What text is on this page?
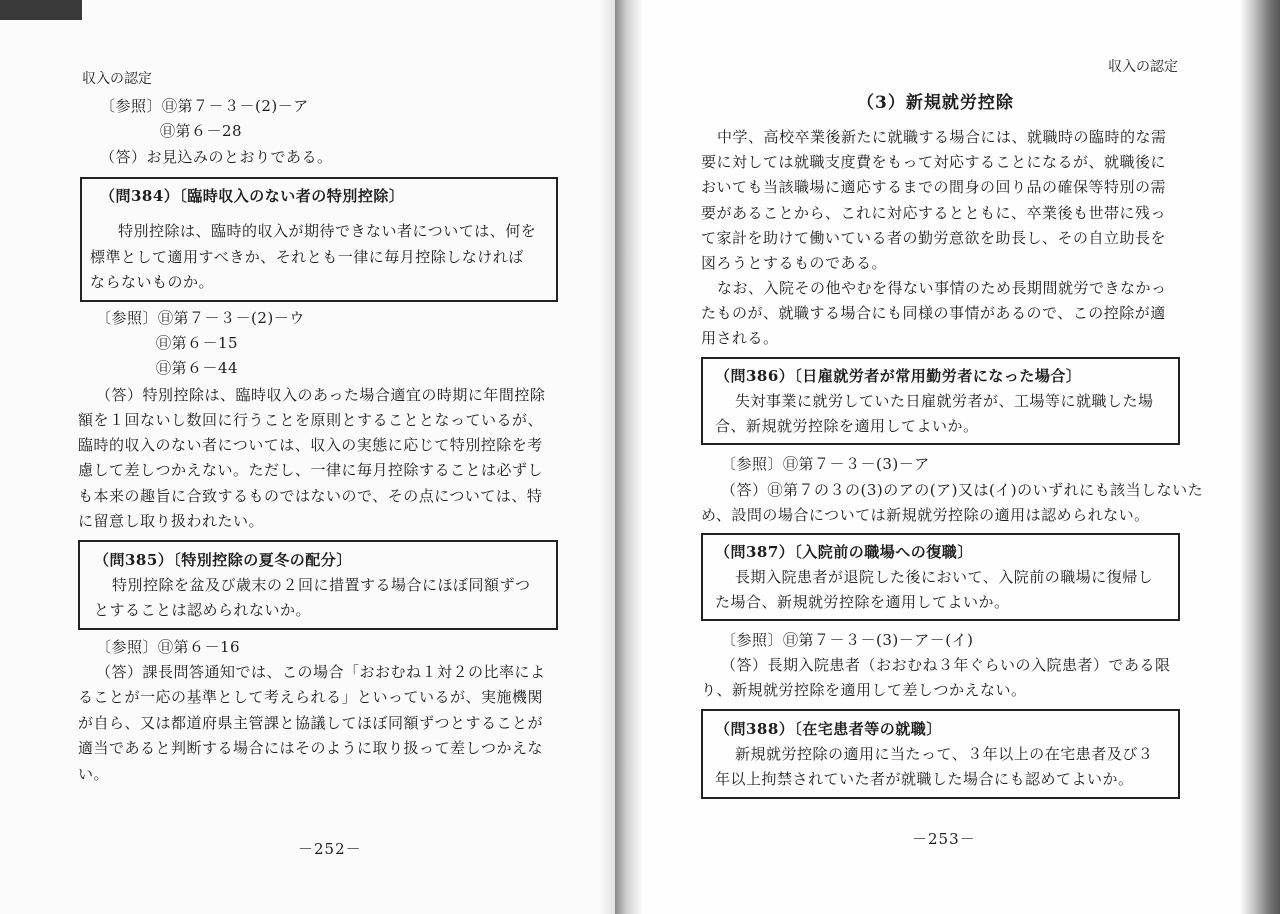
収入の認定
〔参照〕㊐第７－３－(2)－ア
㊐第６－28
（答）お見込みのとおりである。
（問384）〔臨時収入のない者の特別控除〕
特別控除は、臨時的収入が期待できない者については、何を
標準として適用すべきか、それとも一律に毎月控除しなければ
ならないものか。
〔参照〕㊐第７－３－(2)－ウ
㊐第６－15
㊐第６－44
（答）特別控除は、臨時収入のあった場合適宜の時期に年間控除
額を１回ないし数回に行うことを原則とすることとなっているが、
臨時的収入のない者については、収入の実態に応じて特別控除を考
慮して差しつかえない。ただし、一律に毎月控除することは必ずし
も本来の趣旨に合致するものではないので、その点については、特
に留意し取り扱われたい。
（問385）〔特別控除の夏冬の配分〕
特別控除を盆及び歳末の２回に措置する場合にほぼ同額ずつ
とすることは認められないか。
〔参照〕㊐第６－16
（答）課長問答通知では、この場合「おおむね１対２の比率によ
ることが一応の基準として考えられる」といっているが、実施機関
が自ら、又は都道府県主管課と協議してほぼ同額ずつとすることが
適当であると判断する場合にはそのように取り扱って差しつかえな
い。
－252－
収入の認定
（3）新規就労控除
中学、高校卒業後新たに就職する場合には、就職時の臨時的な需
要に対しては就職支度費をもって対応することになるが、就職後に
おいても当該職場に適応するまでの間身の回り品の確保等特別の需
要があることから、これに対応するとともに、卒業後も世帯に残っ
て家計を助けて働いている者の勤労意欲を助長し、その自立助長を
図ろうとするものである。
なお、入院その他やむを得ない事情のため長期間就労できなかっ
たものが、就職する場合にも同様の事情があるので、この控除が適
用される。
（問386）〔日雇就労者が常用勤労者になった場合〕
失対事業に就労していた日雇就労者が、工場等に就職した場
合、新規就労控除を適用してよいか。
〔参照〕㊐第７－３－(3)－ア
（答）㊐第７の３の(3)のアの(ア)又は(イ)のいずれにも該当しないた
め、設問の場合については新規就労控除の適用は認められない。
（問387）〔入院前の職場への復職〕
長期入院患者が退院した後において、入院前の職場に復帰し
た場合、新規就労控除を適用してよいか。
〔参照〕㊐第７－３－(3)－ア－(イ)
（答）長期入院患者（おおむね３年ぐらいの入院患者）である限
り、新規就労控除を適用して差しつかえない。
（問388）〔在宅患者等の就職〕
新規就労控除の適用に当たって、３年以上の在宅患者及び３
年以上拘禁されていた者が就職した場合にも認めてよいか。
－253－
